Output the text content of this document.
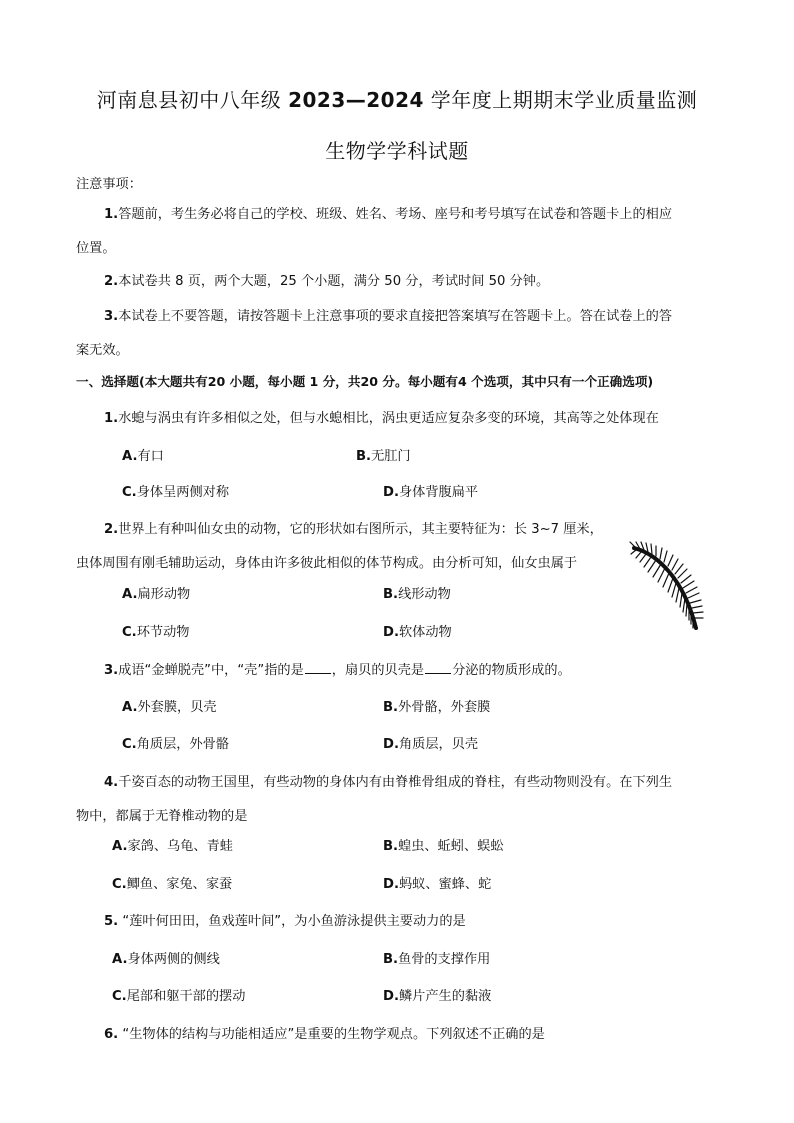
河南息县初中八年级 2023—2024 学年度上期期末学业质量监测
生物学学科试题
注意事项：
1.答题前，考生务必将自己的学校、班级、姓名、考场、座号和考号填写在试卷和答题卡上的相应
位置。
2.本试卷共 8 页，两个大题，25 个小题，满分 50 分，考试时间 50 分钟。
3.本试卷上不要答题，请按答题卡上注意事项的要求直接把答案填写在答题卡上。答在试卷上的答
案无效。
一、选择题(本大题共有20 小题，每小题 1 分，共20 分。每小题有4 个选项，其中只有一个正确选项)
1.水螅与涡虫有许多相似之处，但与水螅相比，涡虫更适应复杂多变的环境，其高等之处体现在
A.有口	B.无肛门
C.身体呈两侧对称	D.身体背腹扁平
2.世界上有种叫仙女虫的动物，它的形状如右图所示，其主要特征为：长 3~7 厘米，
虫体周围有刚毛辅助运动，身体由许多彼此相似的体节构成。由分析可知，仙女虫属于
A.扁形动物	B.线形动物
C.环节动物	D.软体动物
3.成语“金蝉脱壳”中，“壳”指的是 ，扇贝的贝壳是 分泌的物质形成的。
A.外套膜，贝壳	B.外骨骼，外套膜
C.角质层，外骨骼	D.角质层，贝壳
4.千姿百态的动物王国里，有些动物的身体内有由脊椎骨组成的脊柱，有些动物则没有。在下列生
物中，都属于无脊椎动物的是
A.家鸽、乌龟、青蛙	B.蝗虫、蚯蚓、蜈蚣
C.鲫鱼、家兔、家蚕	D.蚂蚁、蜜蜂、蛇
5. “莲叶何田田，鱼戏莲叶间”，为小鱼游泳提供主要动力的是
A.身体两侧的侧线	B.鱼骨的支撑作用
C.尾部和躯干部的摆动	D.鳞片产生的黏液
6. “生物体的结构与功能相适应”是重要的生物学观点。下列叙述不正确的是
